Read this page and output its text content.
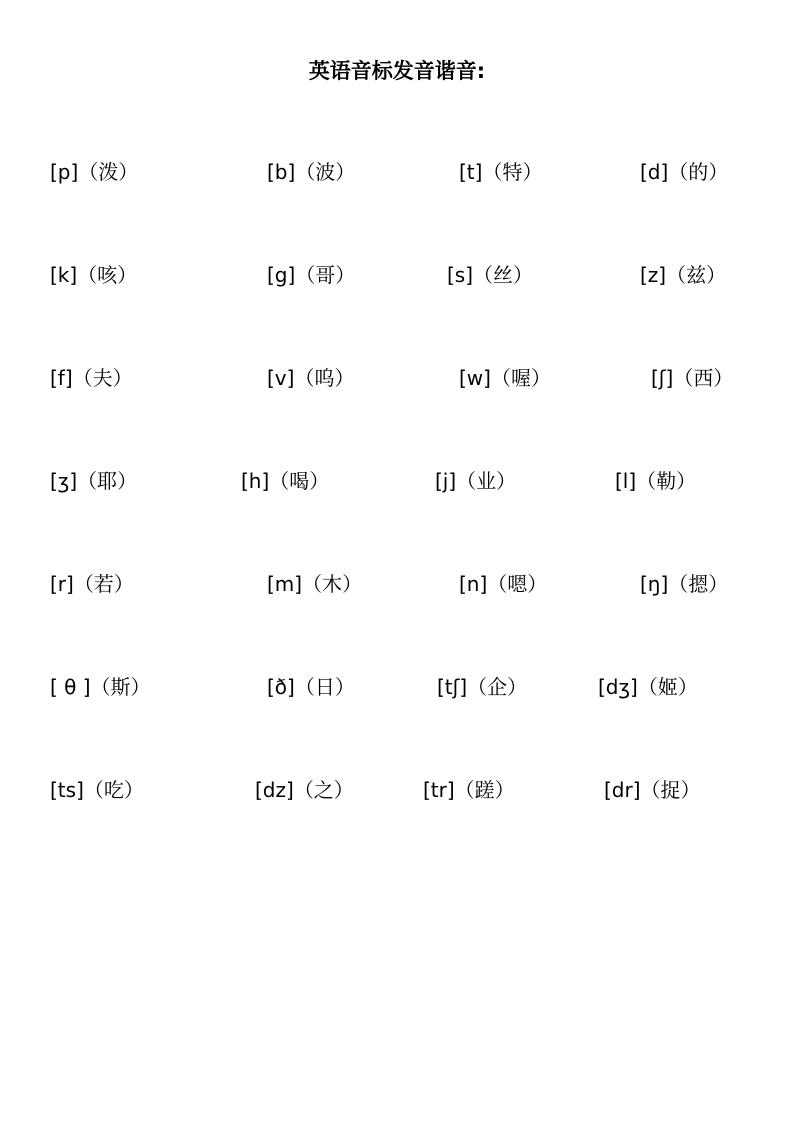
英语音标发音谐音:
[p]（泼）	[b]（波）	[t]（特）	[d]（的）
[k]（咳）	[g]（哥）	[s]（丝）	[z]（兹）
[f]（夫）	[v]（呜）	[w]（喔）	[ʃ]（西）
[ʒ]（耶）	[h]（喝）	[j]（业）	[l]（勒）
[r]（若）	[m]（木）	[n]（嗯）	[ŋ]（摁）
[ θ ]（斯）	[ð]（日）	[tʃ]（企）	[dʒ]（姬）
[ts]（吃）	[dz]（之）	[tr]（蹉）	[dr]（捉）
